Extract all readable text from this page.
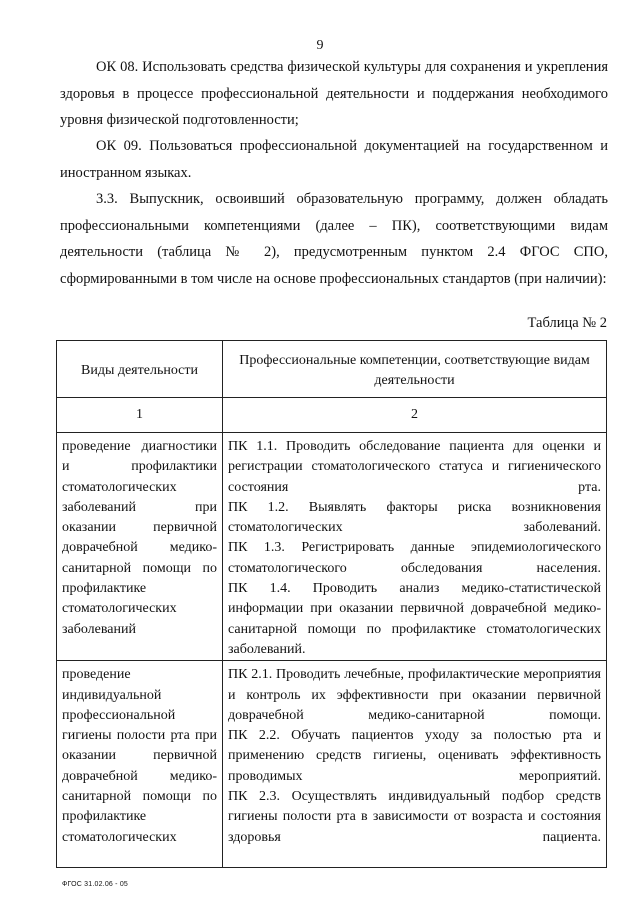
9

ОК 08. Использовать средства физической культуры для сохранения и укрепления здоровья в процессе профессиональной деятельности и поддержания необходимого уровня физической подготовленности;

ОК 09. Пользоваться профессиональной документацией на государственном и иностранном языках.

3.3. Выпускник, освоивший образовательную программу, должен обладать профессиональными компетенциями (далее – ПК), соответствующими видам деятельности (таблица № 2), предусмотренным пунктом 2.4 ФГОС СПО, сформированными в том числе на основе профессиональных стандартов (при наличии):

Таблица № 2
Виды деятельности	Профессиональные компетенции, соответствующие видам деятельности
1	2

проведение диагностики и профилактики стоматологических заболеваний при оказании первичной доврачебной медико-санитарной помощи по профилактике стоматологических заболеваний	ПК 1.1. Проводить обследование пациента для оценки и регистрации стоматологического статуса и гигиенического состояния рта.
ПК 1.2. Выявлять факторы риска возникновения стоматологических заболеваний.
ПК 1.3. Регистрировать данные эпидемиологического стоматологического обследования населения.
ПК 1.4. Проводить анализ медико-статистической информации при оказании первичной доврачебной медико-санитарной помощи по профилактике стоматологических заболеваний.

проведение индивидуальной профессиональной гигиены полости рта при оказании первичной доврачебной медико-санитарной помощи по профилактике стоматологических	ПК 2.1. Проводить лечебные, профилактические мероприятия и контроль их эффективности при оказании первичной доврачебной медико-санитарной помощи.
ПК 2.2. Обучать пациентов уходу за полостью рта и применению средств гигиены, оценивать эффективность проводимых мероприятий.
ПК 2.3. Осуществлять индивидуальный подбор средств гигиены полости рта в зависимости от возраста и состояния здоровья пациента.
ФГОС 31.02.06 - 05
